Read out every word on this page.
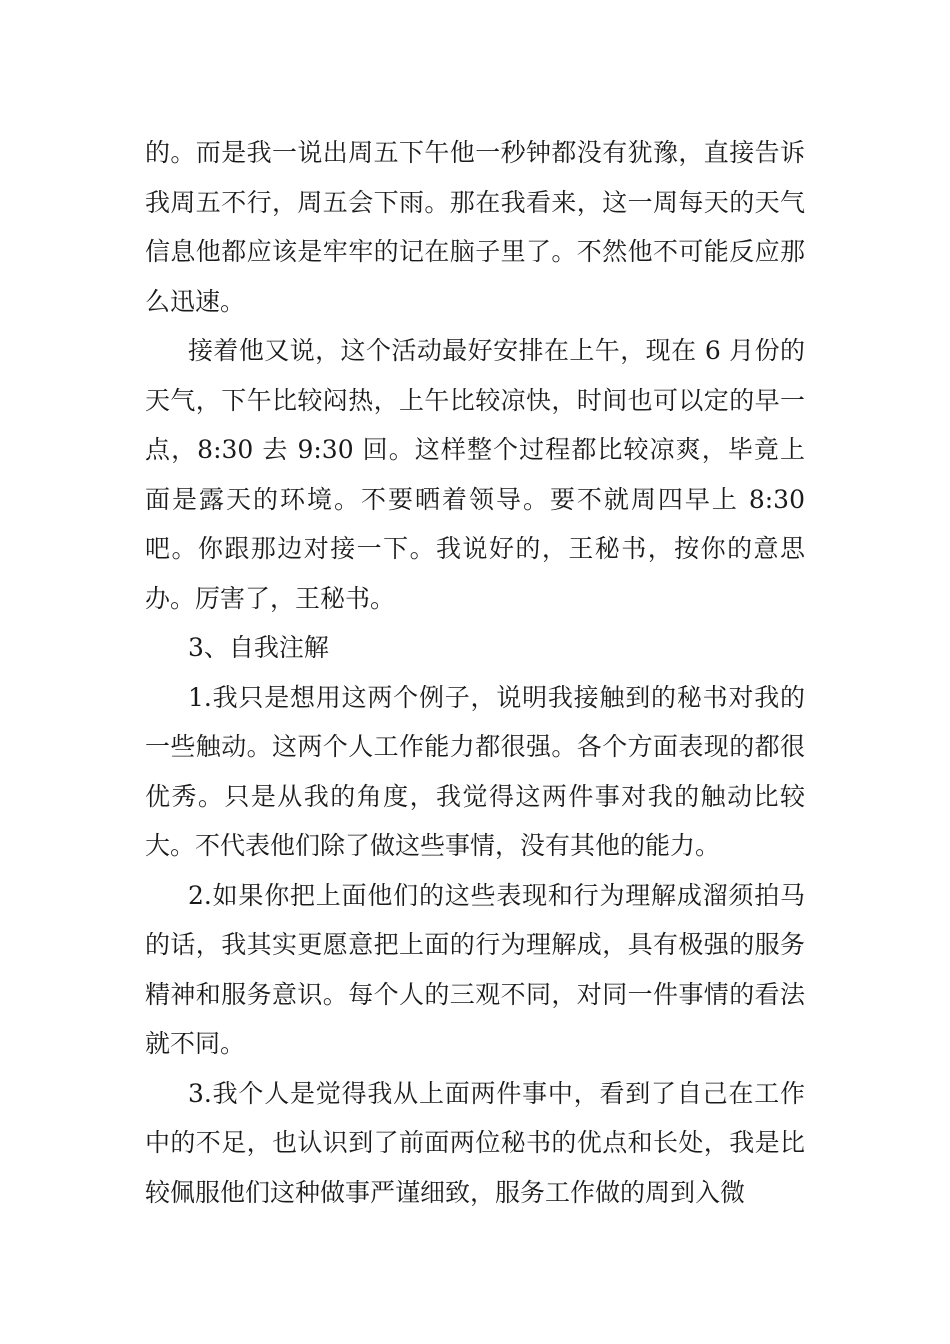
的。而是我一说出周五下午他一秒钟都没有犹豫，直接告诉我周五不行，周五会下雨。那在我看来，这一周每天的天气信息他都应该是牢牢的记在脑子里了。不然他不可能反应那么迅速。

接着他又说，这个活动最好安排在上午，现在 6 月份的天气，下午比较闷热，上午比较凉快，时间也可以定的早一点，8:30 去 9:30 回。这样整个过程都比较凉爽，毕竟上面是露天的环境。不要晒着领导。要不就周四早上 8:30吧。你跟那边对接一下。我说好的，王秘书，按你的意思办。厉害了，王秘书。

3、自我注解

1.我只是想用这两个例子，说明我接触到的秘书对我的一些触动。这两个人工作能力都很强。各个方面表现的都很优秀。只是从我的角度，我觉得这两件事对我的触动比较大。不代表他们除了做这些事情，没有其他的能力。

2.如果你把上面他们的这些表现和行为理解成溜须拍马的话，我其实更愿意把上面的行为理解成，具有极强的服务精神和服务意识。每个人的三观不同，对同一件事情的看法就不同。

3.我个人是觉得我从上面两件事中，看到了自己在工作中的不足，也认识到了前面两位秘书的优点和长处，我是比较佩服他们这种做事严谨细致，服务工作做的周到入微
